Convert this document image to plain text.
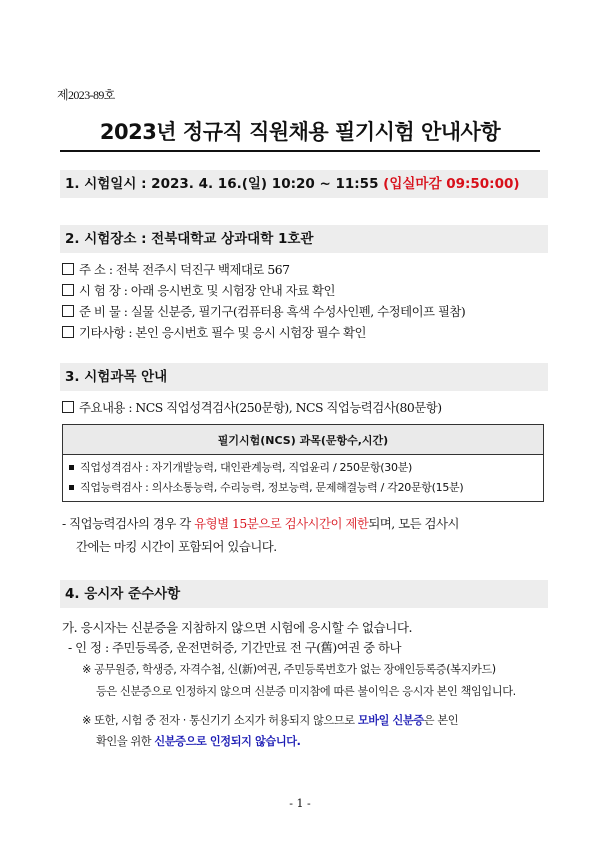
제2023-89호
2023년 정규직 직원채용 필기시험 안내사항
1. 시험일시 : 2023. 4. 16.(일) 10:20 ~ 11:55 (입실마감 09:50:00)
2. 시험장소 : 전북대학교 상과대학 1호관
주 소 : 전북 전주시 덕진구 백제대로 567
시 험 장 : 아래 응시번호 및 시험장 안내 자료 확인
준 비 물 : 실물 신분증, 필기구(컴퓨터용 흑색 수성사인펜, 수정테이프 필참)
기타사항 : 본인 응시번호 필수 및 응시 시험장 필수 확인
3. 시험과목 안내
주요내용 : NCS 직업성격검사(250문항), NCS 직업능력검사(80문항)
필기시험(NCS) 과목(문항수,시간)
직업성격검사 : 자기개발능력, 대인관계능력, 직업윤리 / 250문항(30분)
직업능력검사 : 의사소통능력, 수리능력, 정보능력, 문제해결능력 / 각20문항(15분)
- 직업능력검사의 경우 각 유형별 15분으로 검사시간이 제한되며, 모든 검사시
간에는 마킹 시간이 포함되어 있습니다.
4. 응시자 준수사항
가. 응시자는 신분증을 지참하지 않으면 시험에 응시할 수 없습니다.
- 인 정 : 주민등록증, 운전면허증, 기간만료 전 구(舊)여권 중 하나
※ 공무원증, 학생증, 자격수첩, 신(新)여권, 주민등록번호가 없는 장애인등록증(복지카드)
등은 신분증으로 인정하지 않으며 신분증 미지참에 따른 불이익은 응시자 본인 책임입니다.
※ 또한, 시험 중 전자 · 통신기기 소지가 허용되지 않으므로 모바일 신분증은 본인
확인을 위한 신분증으로 인정되지 않습니다.
- 1 -
